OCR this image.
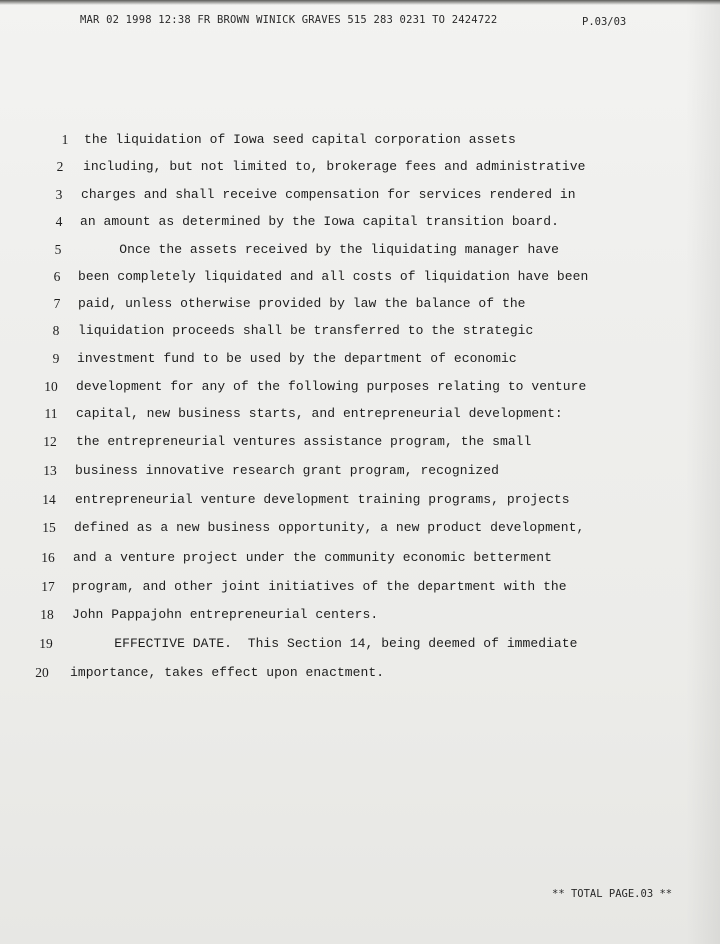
MAR 02 1998 12:38 FR BROWN WINICK GRAVES 515 283 0231 TO 2424722	P.03/03
1	the liquidation of Iowa seed capital corporation assets
2	including, but not limited to, brokerage fees and administrative
3	charges and shall receive compensation for services rendered in
4	an amount as determined by the Iowa capital transition board.
5	Once the assets received by the liquidating manager have
6	been completely liquidated and all costs of liquidation have been
7	paid, unless otherwise provided by law the balance of the
8	liquidation proceeds shall be transferred to the strategic
9	investment fund to be used by the department of economic
10	development for any of the following purposes relating to venture
11	capital, new business starts, and entrepreneurial development:
12	the entrepreneurial ventures assistance program, the small
13	business innovative research grant program, recognized
14	entrepreneurial venture development training programs, projects
15	defined as a new business opportunity, a new product development,
16	and a venture project under the community economic betterment
17	program, and other joint initiatives of the department with the
18	John Pappajohn entrepreneurial centers.
19	EFFECTIVE DATE.  This Section 14, being deemed of immediate
20	importance, takes effect upon enactment.
** TOTAL PAGE.03 **
